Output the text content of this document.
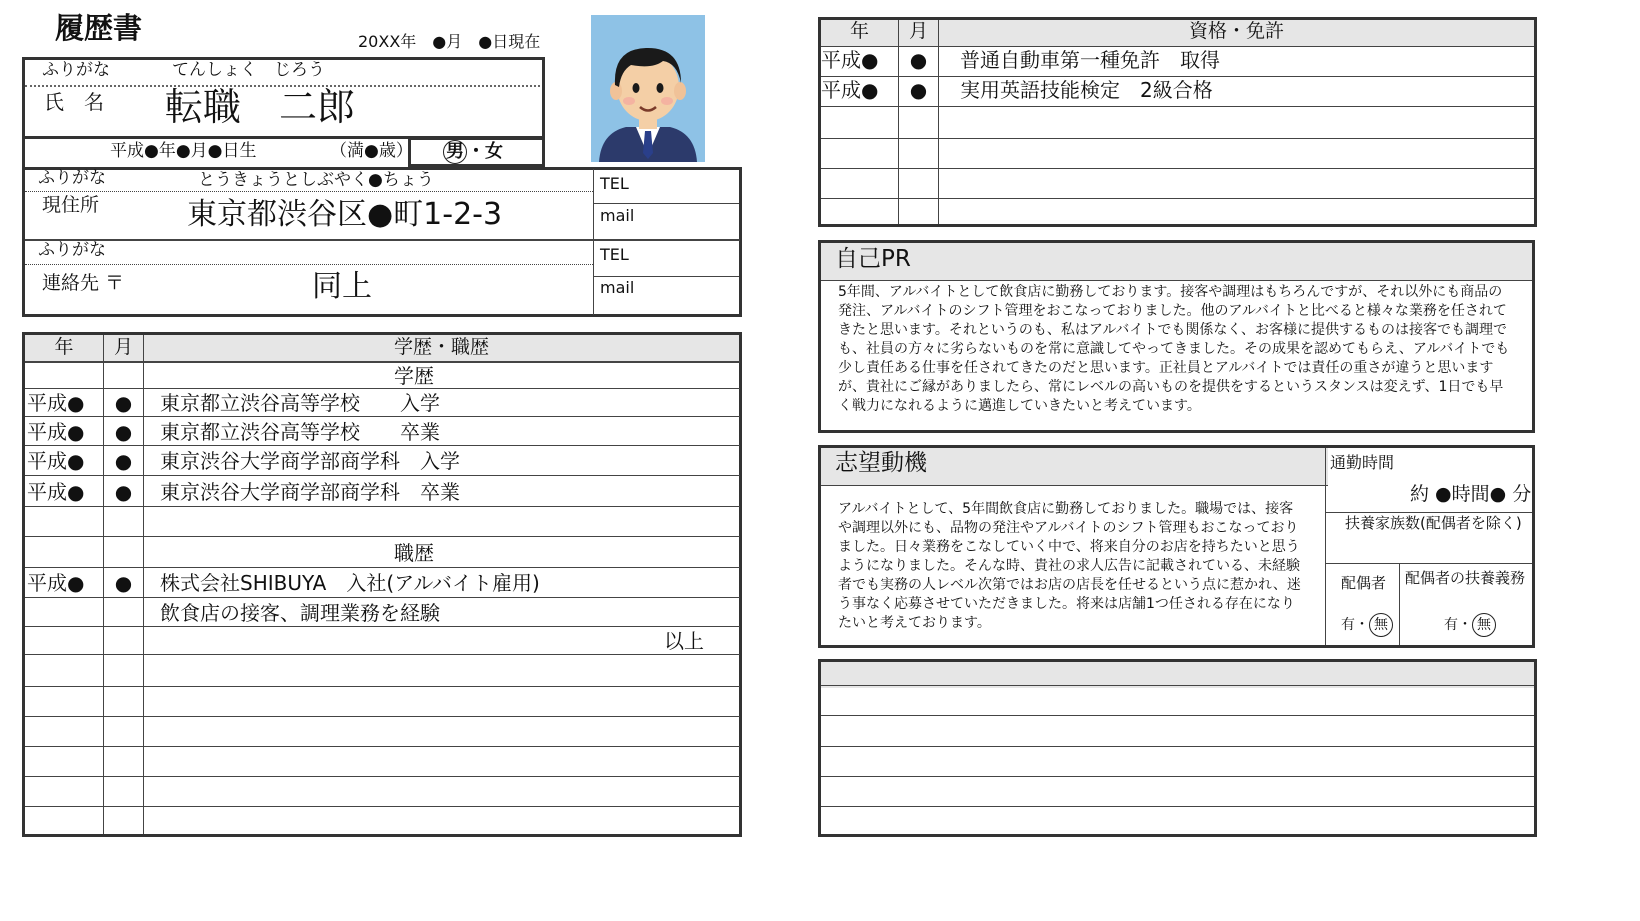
履歴書	20XX年　●月　●日現在
ふりがな	てんしょく　じろう
氏　名 転職　二郎
平成●年●月●日生	（満●歳） 男 ・女
ふりがな	とうきょうとしぶやく●ちょう
現住所	東京都渋谷区●町1-2-3
TEL
mail
ふりがな
連絡先 〒	同上
TEL
mail
年	月	学歴・職歴
学歴
平成●	●	東京都立渋谷高等学校　　入学
平成●	●	東京都立渋谷高等学校　　卒業
平成●	●	東京渋谷大学商学部商学科　入学
平成●	●	東京渋谷大学商学部商学科　卒業
職歴
平成●	●	株式会社SHIBUYA　入社(アルバイト雇用)
飲食店の接客、調理業務を経験
以上
年	月	資格・免許
平成●	●	普通自動車第一種免許　取得
平成●	●	実用英語技能検定　2級合格
自己PR
5年間、アルバイトとして飲食店に勤務しております。接客や調理はもちろんですが、それ以外にも商品の発注、アルバイトのシフト管理をおこなっておりました。他のアルバイトと比べると様々な業務を任されてきたと思います。それというのも、私はアルバイトでも関係なく、お客様に提供するものは接客でも調理でも、社員の方々に劣らないものを常に意識してやってきました。その成果を認めてもらえ、アルバイトでも少し責任ある仕事を任されてきたのだと思います。正社員とアルバイトでは責任の重さが違うと思いますが、貴社にご縁がありましたら、常にレベルの高いものを提供をするというスタンスは変えず、1日でも早く戦力になれるように邁進していきたいと考えています。
志望動機
アルバイトとして、5年間飲食店に勤務しておりました。職場では、接客や調理以外にも、品物の発注やアルバイトのシフト管理もおこなっておりました。日々業務をこなしていく中で、将来自分のお店を持ちたいと思うようになりました。そんな時、貴社の求人広告に記載されている、未経験者でも実務の人レベル次第ではお店の店長を任せるという点に惹かれ、迷う事なく応募させていただきました。将来は店舗1つ任される存在になりたいと考えております。
通勤時間
約 ●時間● 分
扶養家族数(配偶者を除く)
配偶者 配偶者の扶養義務
有・ 無	有・ 無
